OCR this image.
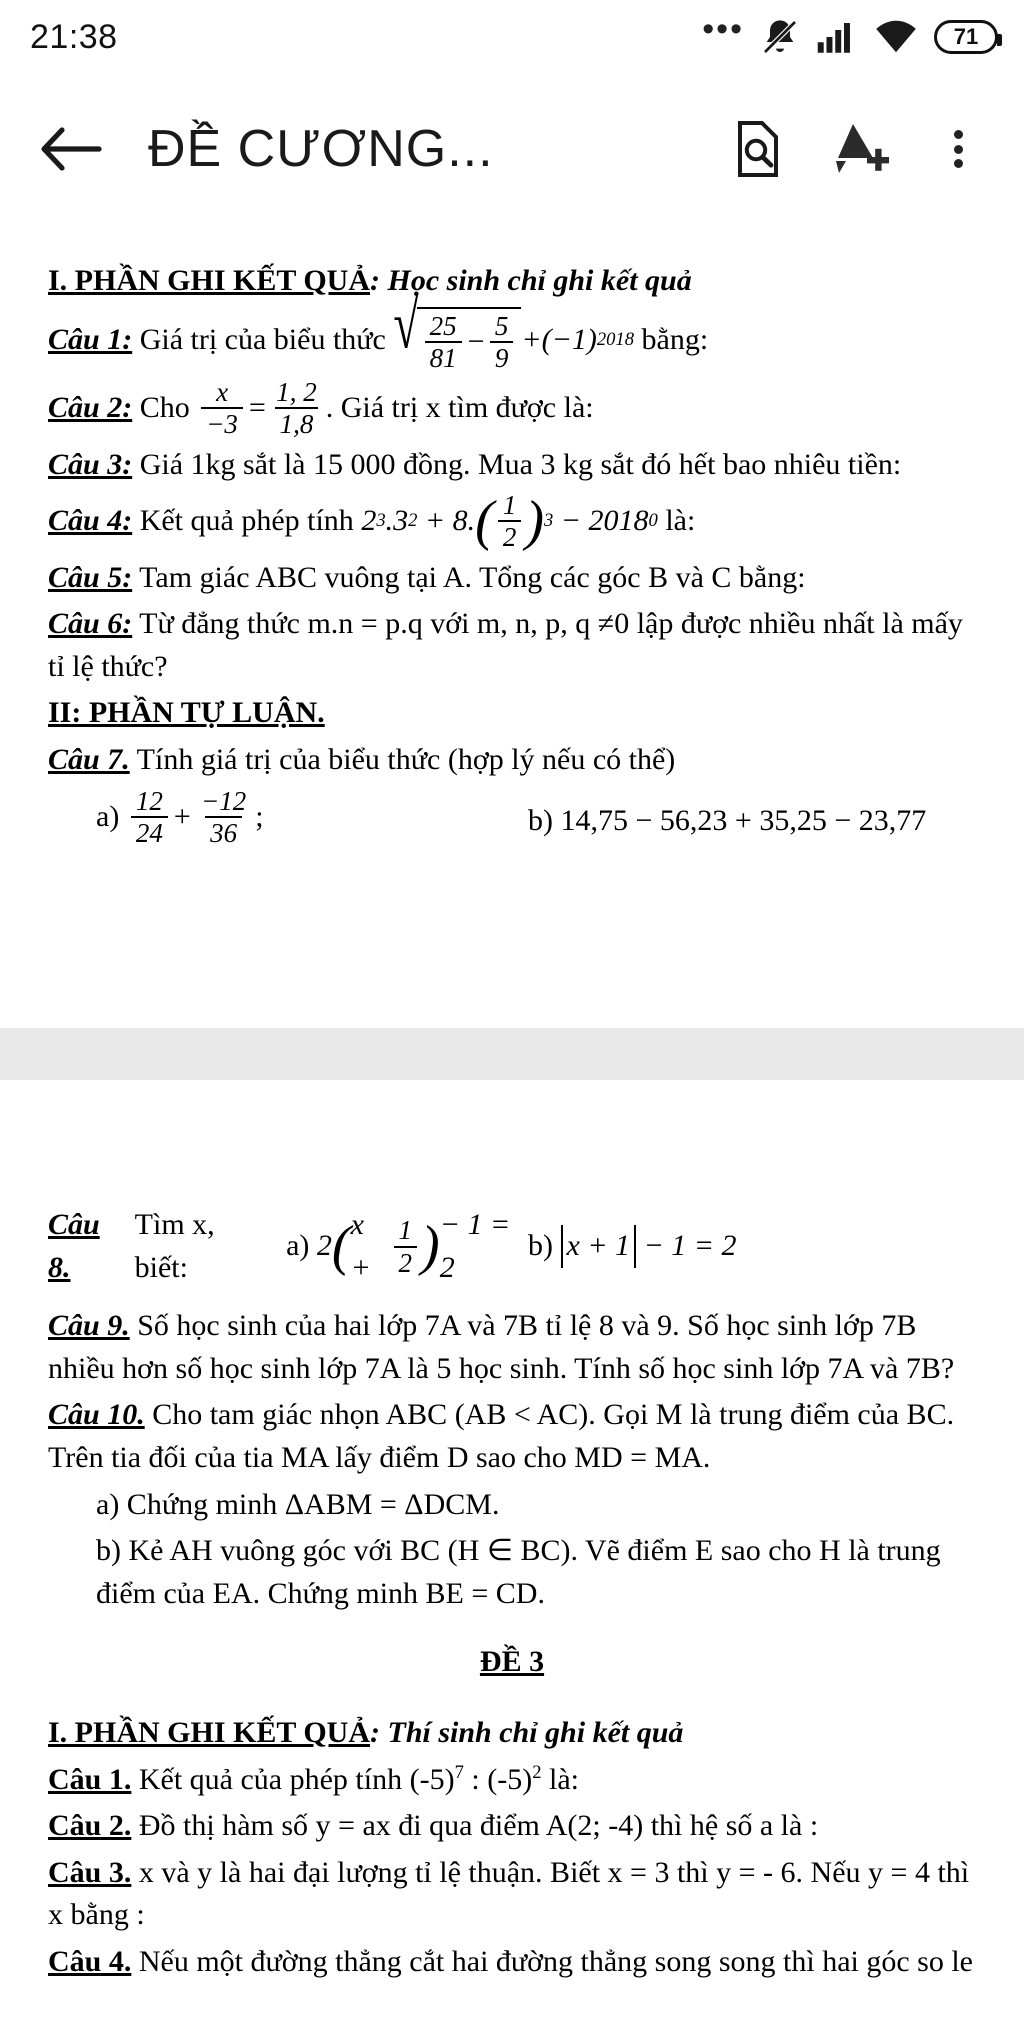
21:38	•••	71
ĐỀ CƯƠNG...

I. PHẦN GHI KẾT QUẢ: Học sinh chỉ ghi kết quả

Câu 1:
Giá trị của biểu thức
√ $\frac{25}{81} - \frac{5}{9} +(-1)$ 2018
bằng:

Câu 2:
Cho
$\frac{x}{-3} = \frac{1, 2}{1,8}$ . Giá trị x tìm được là:

Câu 3: Giá 1kg sắt là 15 000 đồng. Mua 3 kg sắt đó hết bao nhiêu tiền:

Câu 4:
Kết quả phép tính
2 3 .3 2
+ 8. ( $\frac{1}{2}$ ) 3
− 2018 0
là:

Câu 5: Tam giác ABC vuông tại A. Tổng các góc B và C bằng:

Câu 6: Từ đẳng thức m.n = p.q với m, n, p, q ≠0 lập được nhiều nhất là mấy tỉ lệ thức?

II: PHẦN TỰ LUẬN.

Câu 7. Tính giá trị của biểu thức (hợp lý nếu có thể)

a)
$\frac{12}{24} + \frac{-12}{36}$ ;	b) 14,75 − 56,23 + 35,25 − 23,77
Câu 8.

Tìm x, biết:

a)
2 ( $x + \frac{1}{2}$ ) − 1 = 2
b)
x + 1
− 1 = 2

Câu 9. Số học sinh của hai lớp 7A và 7B tỉ lệ 8 và 9. Số học sinh lớp 7B nhiều hơn số học sinh lớp 7A là 5 học sinh. Tính số học sinh lớp 7A và 7B?

Câu 10. Cho tam giác nhọn ABC (AB < AC). Gọi M là trung điểm của BC. Trên tia đối của tia MA lấy điểm D sao cho MD = MA.

a) Chứng minh ΔABM = ΔDCM.

b) Kẻ AH vuông góc với BC (H ∈ BC). Vẽ điểm E sao cho H là trung điểm của EA. Chứng minh BE = CD.

ĐỀ 3

I. PHẦN GHI KẾT QUẢ: Thí sinh chỉ ghi kết quả

Câu 1. Kết quả của phép tính $(-5)^7$ : $(-5)^2$ là:

Câu 2. Đồ thị hàm số y = ax đi qua điểm A(2; -4) thì hệ số a là :

Câu 3. x và y là hai đại lượng tỉ lệ thuận. Biết x = 3 thì y = - 6. Nếu y = 4 thì x bằng :

Câu 4. Nếu một đường thẳng cắt hai đường thẳng song song thì hai góc so le
